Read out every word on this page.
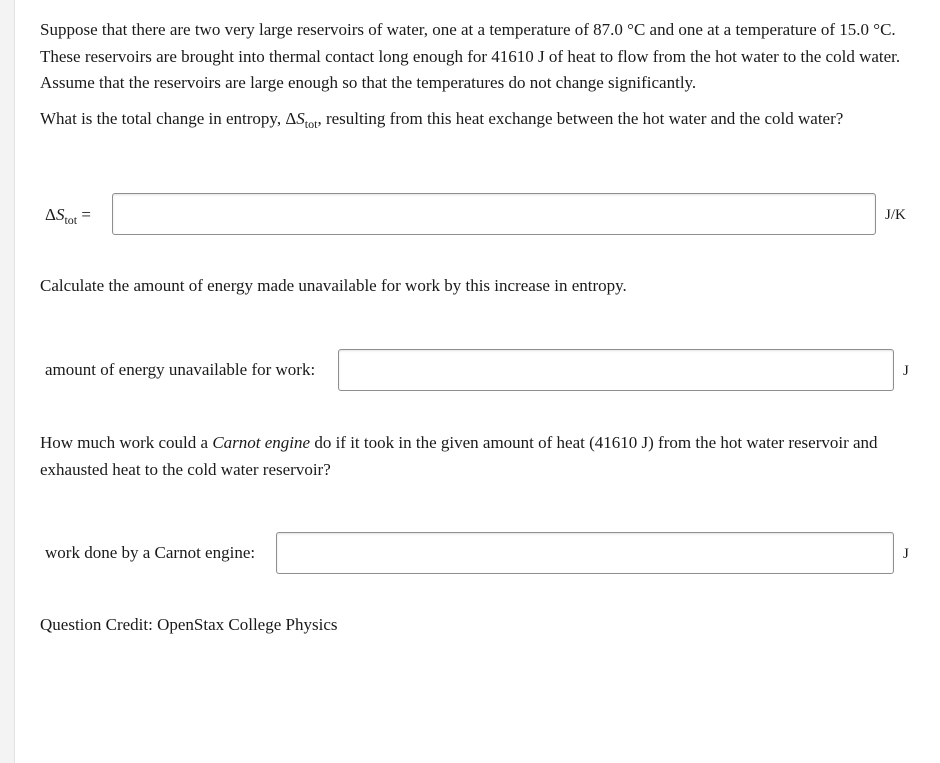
Suppose that there are two very large reservoirs of water, one at a temperature of 87.0 °C and one at a temperature of 15.0 °C. These reservoirs are brought into thermal contact long enough for 41610 J of heat to flow from the hot water to the cold water. Assume that the reservoirs are large enough so that the temperatures do not change significantly.

What is the total change in entropy, $\Delta S_{tot}$, resulting from this heat exchange between the hot water and the cold water?

$\Delta S_{tot}$ =	J/K

Calculate the amount of energy made unavailable for work by this increase in entropy.

amount of energy unavailable for work:	J

How much work could a Carnot engine do if it took in the given amount of heat (41610 J) from the hot water reservoir and exhausted heat to the cold water reservoir?

work done by a Carnot engine:	J

Question Credit: OpenStax College Physics
